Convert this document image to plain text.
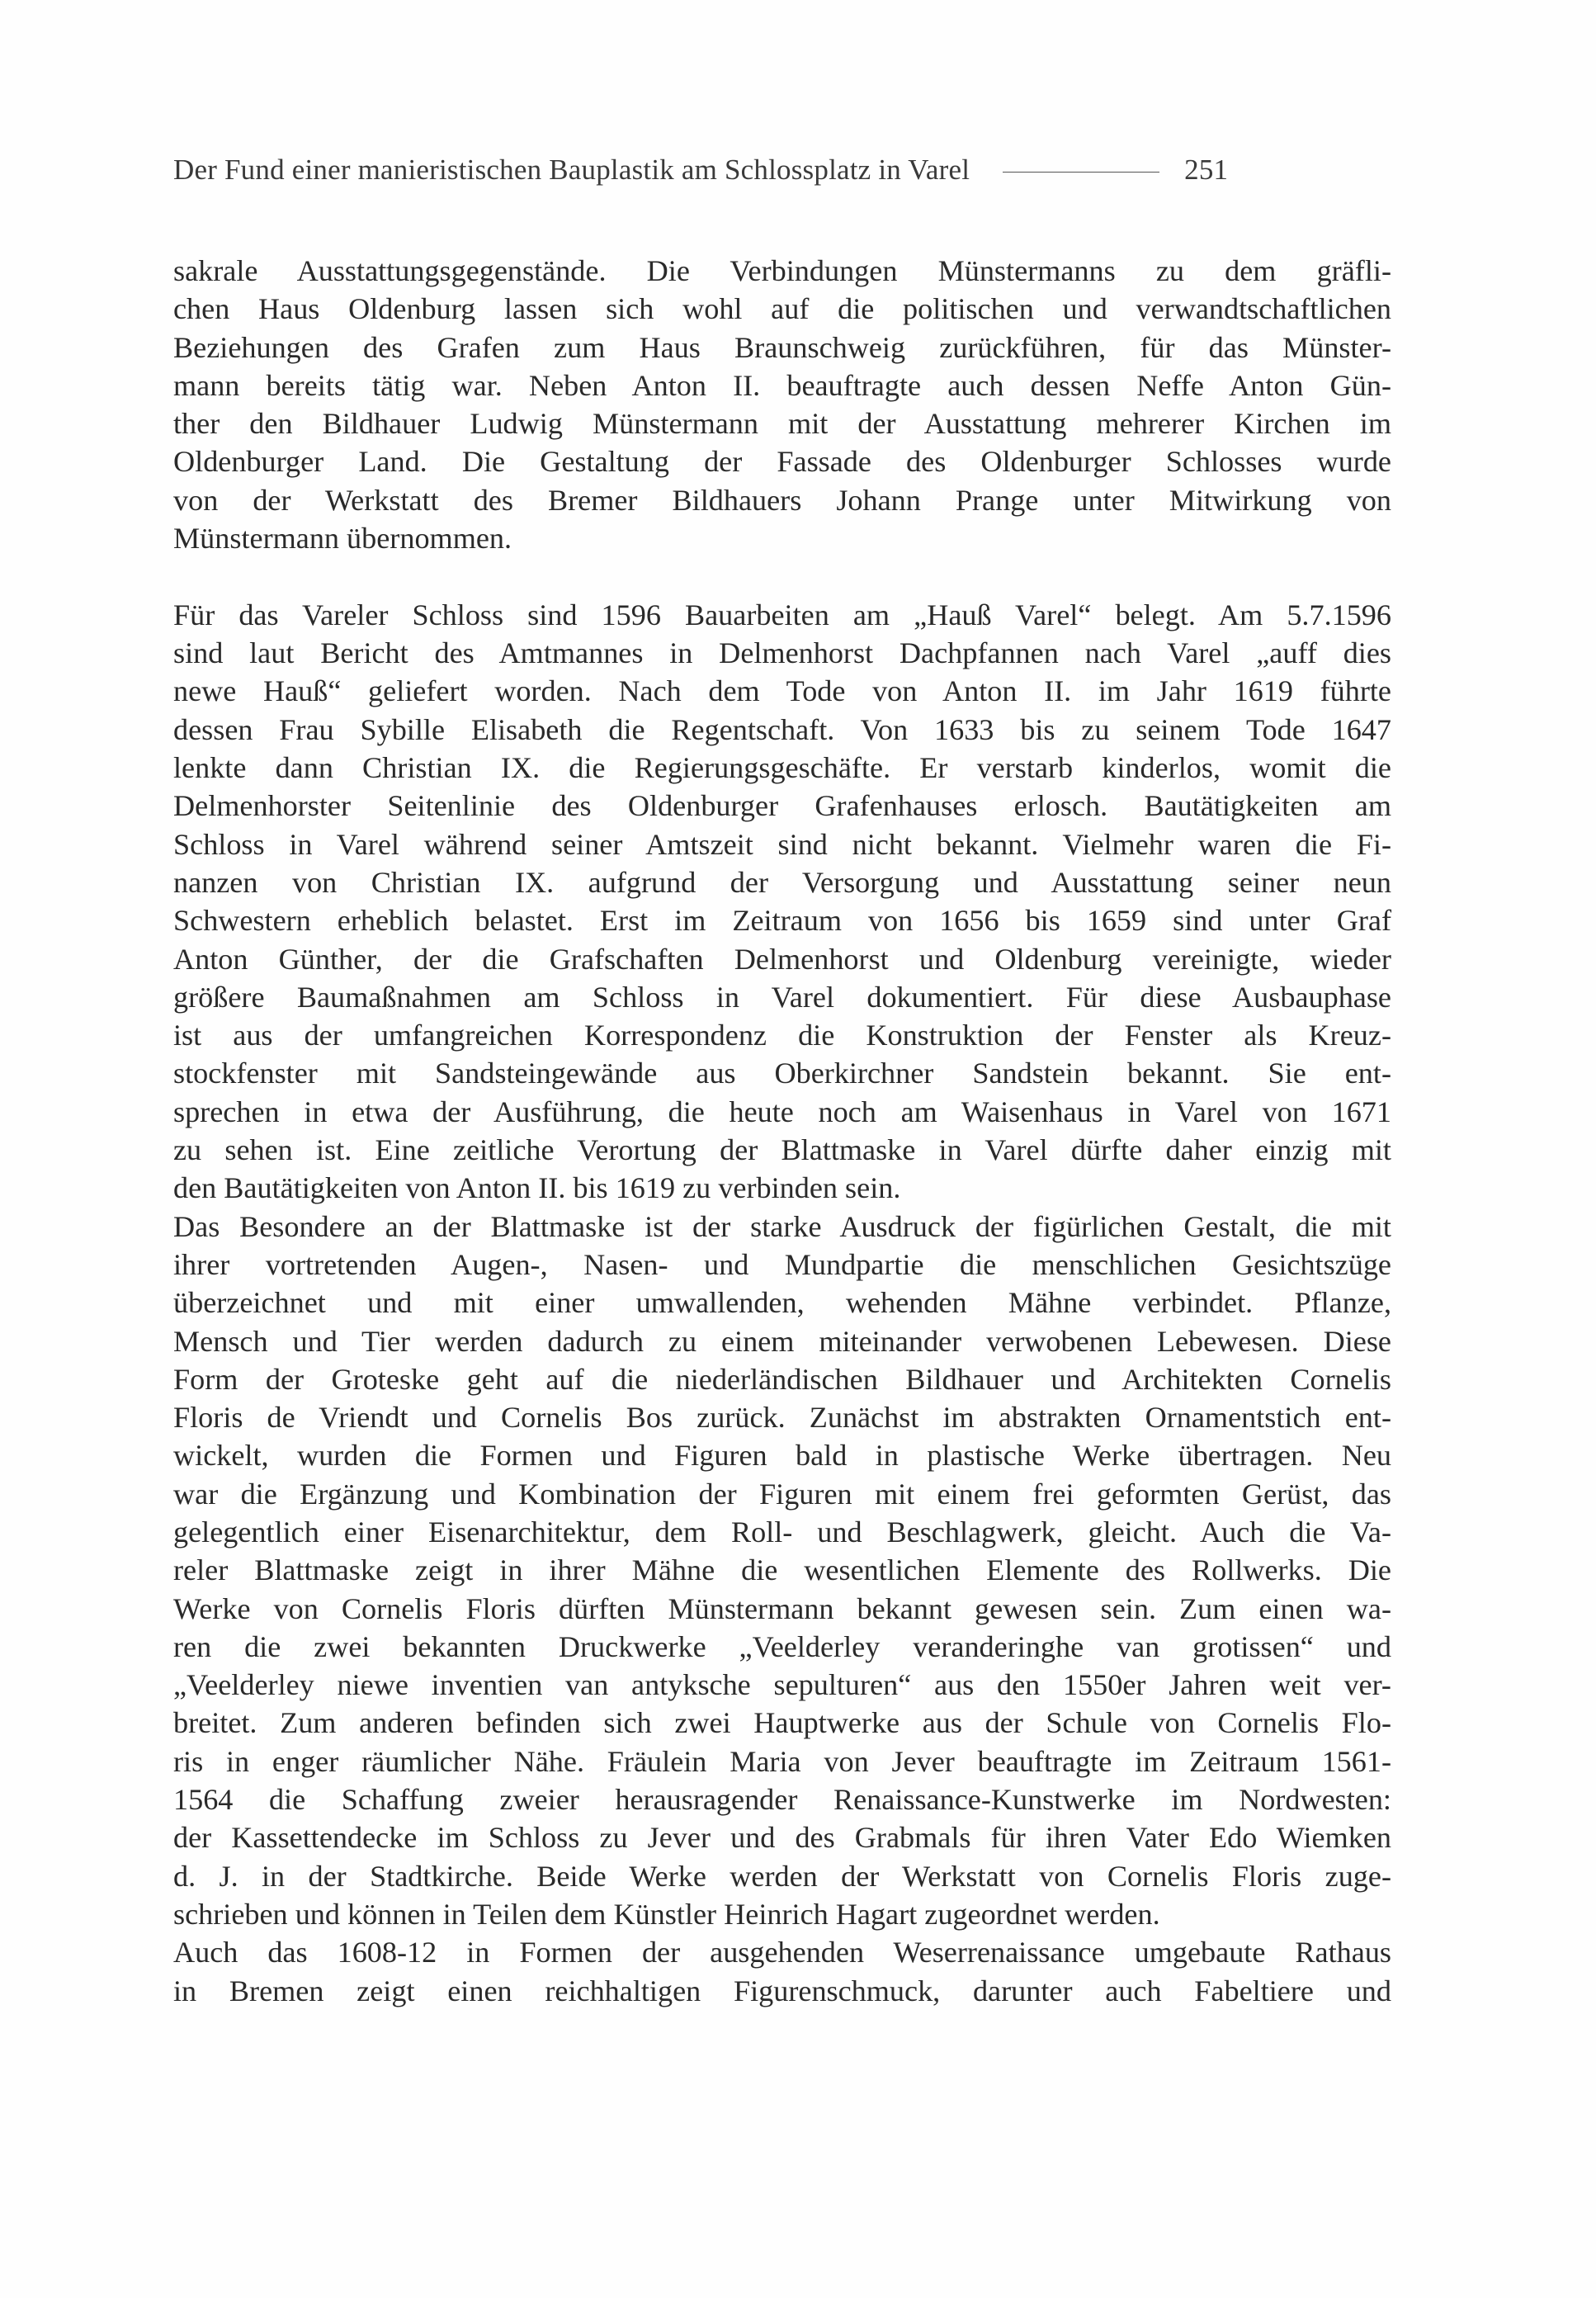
Der Fund einer manieristischen Bauplastik am Schlossplatz in Varel	251
sakrale Ausstattungsgegenstände. Die Verbindungen Münstermanns zu dem gräfli-
chen Haus Oldenburg lassen sich wohl auf die politischen und verwandtschaftlichen
Beziehungen des Grafen zum Haus Braunschweig zurückführen, für das Münster-
mann bereits tätig war. Neben Anton II. beauftragte auch dessen Neffe Anton Gün-
ther den Bildhauer Ludwig Münstermann mit der Ausstattung mehrerer Kirchen im
Oldenburger Land. Die Gestaltung der Fassade des Oldenburger Schlosses wurde
von der Werkstatt des Bremer Bildhauers Johann Prange unter Mitwirkung von
Münstermann übernommen.
Für das Vareler Schloss sind 1596 Bauarbeiten am „Hauß Varel“ belegt. Am 5.7.1596
sind laut Bericht des Amtmannes in Delmenhorst Dachpfannen nach Varel „auff dies
newe Hauß“ geliefert worden. Nach dem Tode von Anton II. im Jahr 1619 führte
dessen Frau Sybille Elisabeth die Regentschaft. Von 1633 bis zu seinem Tode 1647
lenkte dann Christian IX. die Regierungsgeschäfte. Er verstarb kinderlos, womit die
Delmenhorster Seitenlinie des Oldenburger Grafenhauses erlosch. Bautätigkeiten am
Schloss in Varel während seiner Amtszeit sind nicht bekannt. Vielmehr waren die Fi-
nanzen von Christian IX. aufgrund der Versorgung und Ausstattung seiner neun
Schwestern erheblich belastet. Erst im Zeitraum von 1656 bis 1659 sind unter Graf
Anton Günther, der die Grafschaften Delmenhorst und Oldenburg vereinigte, wieder
größere Baumaßnahmen am Schloss in Varel dokumentiert. Für diese Ausbauphase
ist aus der umfangreichen Korrespondenz die Konstruktion der Fenster als Kreuz-
stockfenster mit Sandsteingewände aus Oberkirchner Sandstein bekannt. Sie ent-
sprechen in etwa der Ausführung, die heute noch am Waisenhaus in Varel von 1671
zu sehen ist. Eine zeitliche Verortung der Blattmaske in Varel dürfte daher einzig mit
den Bautätigkeiten von Anton II. bis 1619 zu verbinden sein.
Das Besondere an der Blattmaske ist der starke Ausdruck der figürlichen Gestalt, die mit
ihrer vortretenden Augen-, Nasen- und Mundpartie die menschlichen Gesichtszüge
überzeichnet und mit einer umwallenden, wehenden Mähne verbindet. Pflanze,
Mensch und Tier werden dadurch zu einem miteinander verwobenen Lebewesen. Diese
Form der Groteske geht auf die niederländischen Bildhauer und Architekten Cornelis
Floris de Vriendt und Cornelis Bos zurück. Zunächst im abstrakten Ornamentstich ent-
wickelt, wurden die Formen und Figuren bald in plastische Werke übertragen. Neu
war die Ergänzung und Kombination der Figuren mit einem frei geformten Gerüst, das
gelegentlich einer Eisenarchitektur, dem Roll- und Beschlagwerk, gleicht. Auch die Va-
reler Blattmaske zeigt in ihrer Mähne die wesentlichen Elemente des Rollwerks. Die
Werke von Cornelis Floris dürften Münstermann bekannt gewesen sein. Zum einen wa-
ren die zwei bekannten Druckwerke „Veelderley veranderinghe van grotissen“ und
„Veelderley niewe inventien van antyksche sepulturen“ aus den 1550er Jahren weit ver-
breitet. Zum anderen befinden sich zwei Hauptwerke aus der Schule von Cornelis Flo-
ris in enger räumlicher Nähe. Fräulein Maria von Jever beauftragte im Zeitraum 1561-
1564 die Schaffung zweier herausragender Renaissance-Kunstwerke im Nordwesten:
der Kassettendecke im Schloss zu Jever und des Grabmals für ihren Vater Edo Wiemken
d. J. in der Stadtkirche. Beide Werke werden der Werkstatt von Cornelis Floris zuge-
schrieben und können in Teilen dem Künstler Heinrich Hagart zugeordnet werden.
Auch das 1608-12 in Formen der ausgehenden Weserrenaissance umgebaute Rathaus
in Bremen zeigt einen reichhaltigen Figurenschmuck, darunter auch Fabeltiere und
